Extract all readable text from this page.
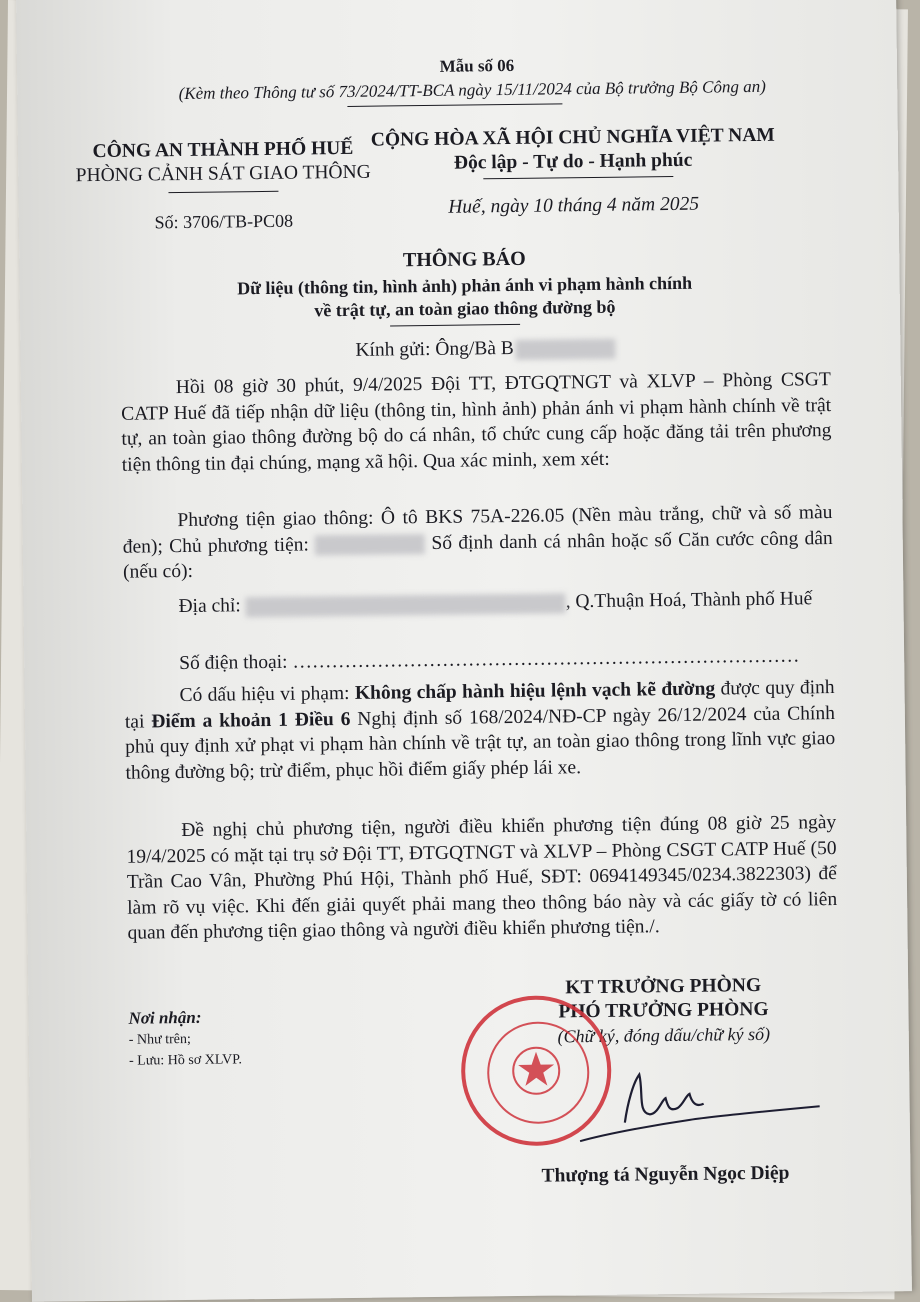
Mẫu số 06
(Kèm theo Thông tư số 73/2024/TT-BCA ngày 15/11/2024 của Bộ trưởng Bộ Công an)
CÔNG AN THÀNH PHỐ HUẾ
PHÒNG CẢNH SÁT GIAO THÔNG
Số: 3706/TB-PC08
CỘNG HÒA XÃ HỘI CHỦ NGHĨA VIỆT NAM
Độc lập - Tự do - Hạnh phúc
Huế, ngày 10 tháng 4 năm 2025
THÔNG BÁO
Dữ liệu (thông tin, hình ảnh) phản ánh vi phạm hành chính
về trật tự, an toàn giao thông đường bộ
Kính gửi: Ông/Bà B
Hồi 08 giờ 30 phút, 9/4/2025 Đội TT, ĐTGQTNGT và XLVP – Phòng CSGT CATP Huế đã tiếp nhận dữ liệu (thông tin, hình ảnh) phản ánh vi phạm hành chính về trật tự, an toàn giao thông đường bộ do cá nhân, tổ chức cung cấp hoặc đăng tải trên phương tiện thông tin đại chúng, mạng xã hội. Qua xác minh, xem xét:
Phương tiện giao thông: Ô tô BKS 75A-226.05 (Nền màu trắng, chữ và số màu đen); Chủ phương tiện:	Số định danh cá nhân hoặc số Căn cước công dân (nếu có):
Địa chỉ:	, Q.Thuận Hoá, Thành phố Huế
Số điện thoại: ……………………………………………………………………
Có dấu hiệu vi phạm: Không chấp hành hiệu lệnh vạch kẽ đường được quy định tại Điểm a khoản 1 Điều 6 Nghị định số 168/2024/NĐ-CP ngày 26/12/2024 của Chính phủ quy định xử phạt vi phạm hàn chính về trật tự, an toàn giao thông trong lĩnh vực giao thông đường bộ; trừ điểm, phục hồi điểm giấy phép lái xe.
Đề nghị chủ phương tiện, người điều khiển phương tiện đúng 08 giờ 25 ngày 19/4/2025 có mặt tại trụ sở Đội TT, ĐTGQTNGT và XLVP – Phòng CSGT CATP Huế (50 Trần Cao Vân, Phường Phú Hội, Thành phố Huế, SĐT: 0694149345/0234.3822303) để làm rõ vụ việc. Khi đến giải quyết phải mang theo thông báo này và các giấy tờ có liên quan đến phương tiện giao thông và người điều khiển phương tiện./.
Nơi nhận:
- Như trên;
- Lưu: Hồ sơ XLVP.
KT TRƯỞNG PHÒNG
PHÓ TRƯỞNG PHÒNG
(Chữ ký, đóng dấu/chữ ký số)
Thượng tá Nguyễn Ngọc Diệp
